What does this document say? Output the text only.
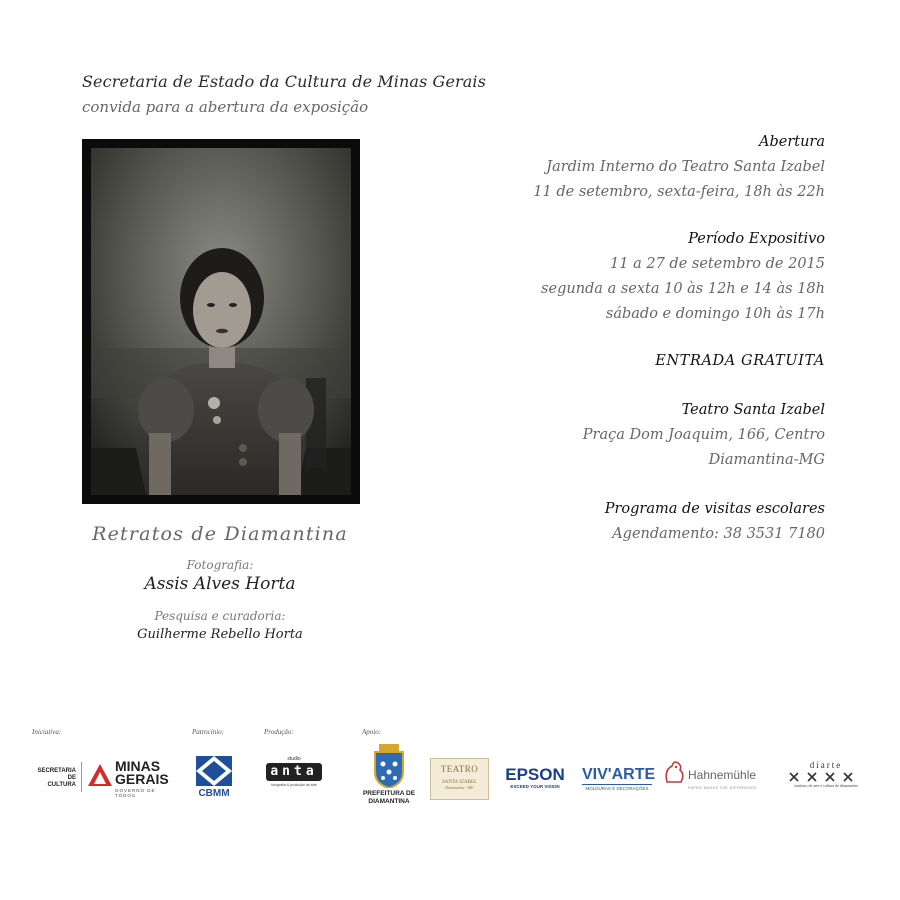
Secretaria de Estado da Cultura de Minas Gerais
convida para a abertura da exposição
Retratos de Diamantina
Fotografia:
Assis Alves Horta
Pesquisa e curadoria:
Guilherme Rebello Horta
Abertura
Jardim Interno do Teatro Santa Izabel
11 de setembro, sexta-feira, 18h às 22h
Período Expositivo
11 a 27 de setembro de 2015
segunda a sexta 10 às 12h e 14 às 18h
sábado e domingo 10h às 17h
ENTRADA GRATUITA
Teatro Santa Izabel
Praça Dom Joaquim, 166, Centro
Diamantina-MG
Programa de visitas escolares
Agendamento: 38 3531 7180
Iniciativa:	Patrocínio:	Produção:	Apoio:
SECRETARIA DE
CULTURA
MINAS
GERAIS
GOVERNO DE TODOS	CBMM
studio
anta
fotografia & produção de arte
PREFEITURA DE
DIAMANTINA
TEATRO
SANTA IZABEL
Diamantina - MG
EPSON
EXCEED YOUR VISION
VIV'ARTE
MOLDURAS E DECORAÇÕES
Hahnemühle
PAPER MAKES THE DIFFERENCE
diarte
instituto de arte e cultura de diamantina
